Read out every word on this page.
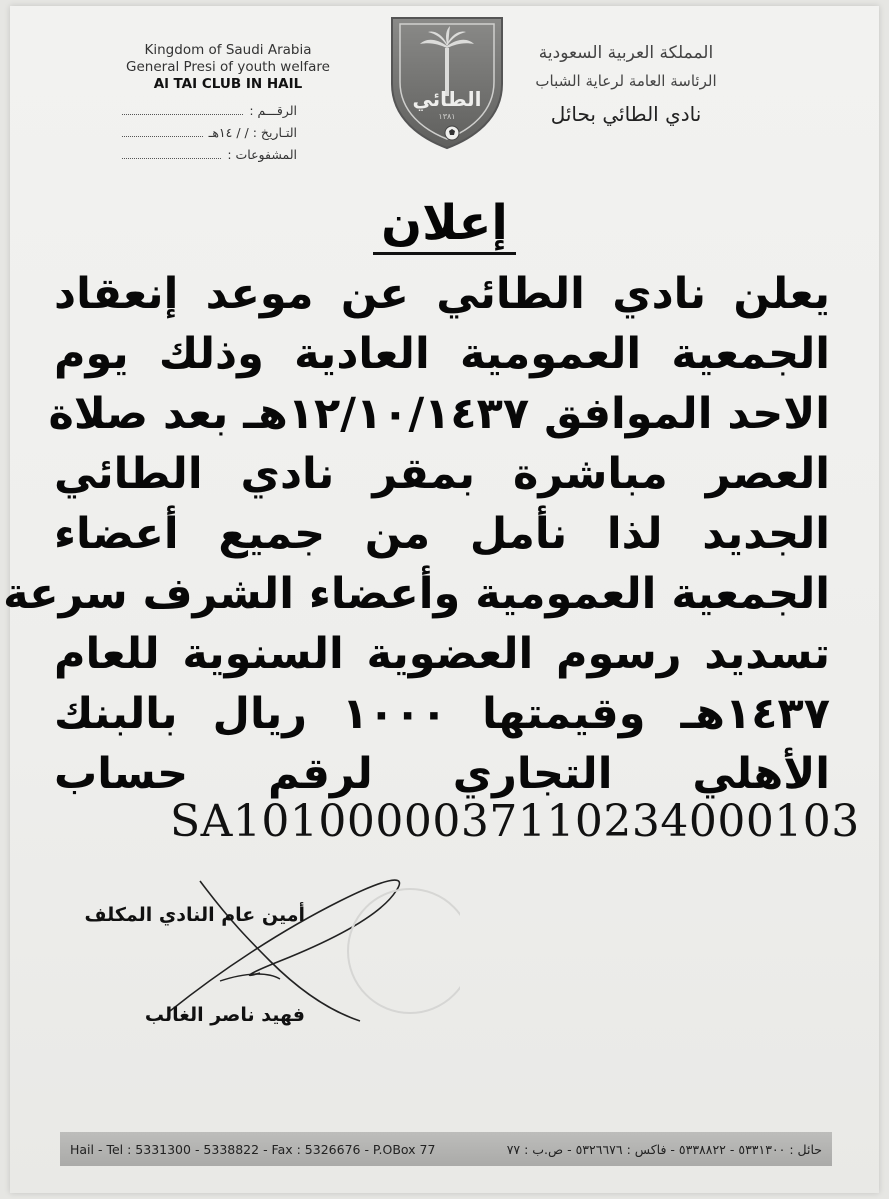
Kingdom of Saudi Arabia
General Presi of youth welfare
Al TAI CLUB IN HAIL
الرقـــم :
التـاريخ : / / ١٤هـ
المشفوعات :
الطائي
١٣٨١
المملكة العربية السعودية
الرئاسة العامة لرعاية الشباب
نادي الطائي بحائل
إعلان
يعلن نادي الطائي عن موعد إنعقاد
الجمعية العمومية العادية وذلك يوم
الاحد الموافق ١٢/١٠/١٤٣٧هـ بعد صلاة
العصر مباشرة بمقر نادي الطائي
الجديد لذا نأمل من جميع أعضاء
الجمعية العمومية وأعضاء الشرف سرعة
تسديد رسوم العضوية السنوية للعام
١٤٣٧هـ وقيمتها ١٠٠٠ ريال بالبنك
الأهلي التجاري لرقم حساب
SA1010000037110234000103
أمين عام النادي المكلف
فهيد ناصر الغالب
Hail - Tel : 5331300 - 5338822 - Fax : 5326676 - P.OBox 77	حائل : ٥٣٣١٣٠٠ - ٥٣٣٨٨٢٢ - فاكس : ٥٣٢٦٦٧٦ - ص.ب : ٧٧
